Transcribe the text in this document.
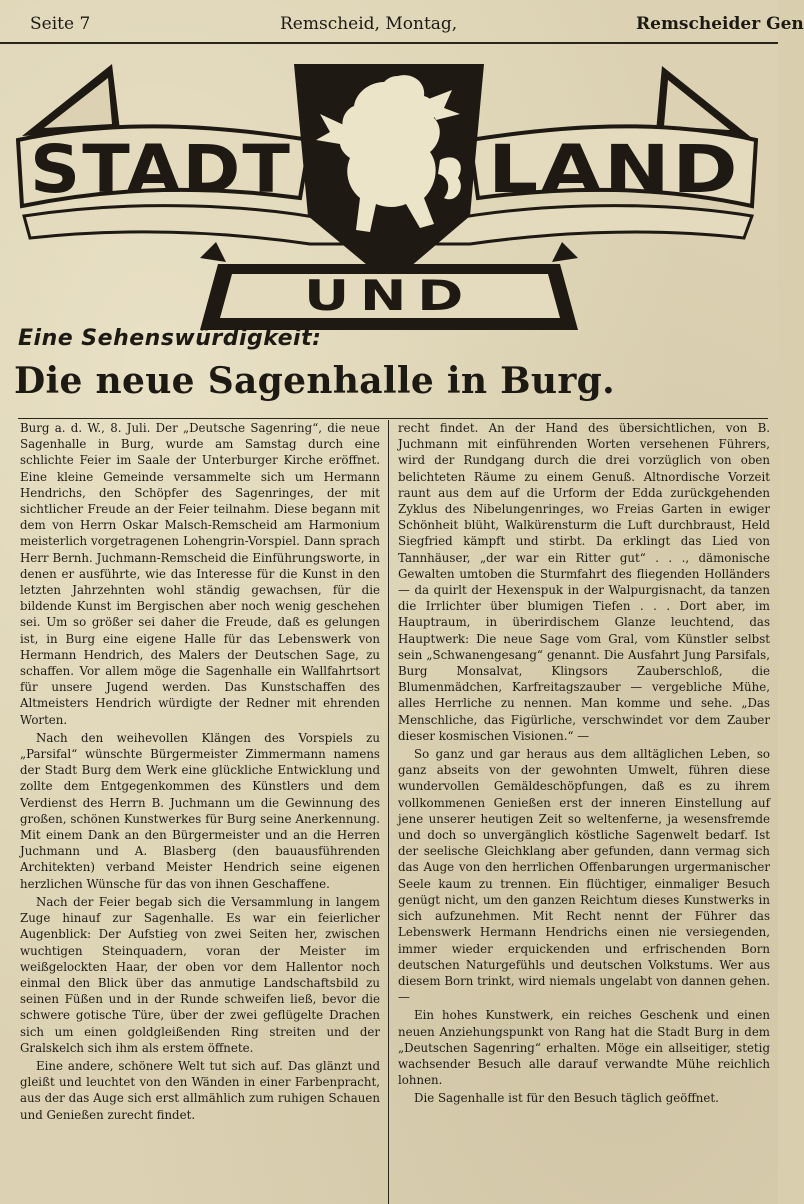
Seite 7	Remscheid, Montag,	Remscheider Gen
STADT	LAND
UND
Eine Sehenswürdigkeit:
Die neue Sagenhalle in Burg.

Burg a. d. W., 8. Juli. Der „Deutsche Sagenring“, die neue Sagenhalle in Burg, wurde am Samstag durch eine schlichte Feier im Saale der Unterburger Kirche eröffnet. Eine kleine Gemeinde versammelte sich um Hermann Hendrichs, den Schöpfer des Sagenringes, der mit sichtlicher Freude an der Feier teilnahm. Diese begann mit dem von Herrn Oskar Malsch-Remscheid am Harmonium meisterlich vorgetragenen Lohengrin-Vorspiel. Dann sprach Herr Bernh. Juchmann-Remscheid die Einführungsworte, in denen er ausführte, wie das Interesse für die Kunst in den letzten Jahrzehnten wohl ständig gewachsen, für die bildende Kunst im Bergischen aber noch wenig geschehen sei. Um so größer sei daher die Freude, daß es gelungen ist, in Burg eine eigene Halle für das Lebenswerk von Hermann Hendrich, des Malers der Deutschen Sage, zu schaffen. Vor allem möge die Sagenhalle ein Wallfahrtsort für unsere Jugend werden. Das Kunstschaffen des Altmeisters Hendrich würdigte der Redner mit ehrenden Worten.

Nach den weihevollen Klängen des Vorspiels zu „Parsifal“ wünschte Bürgermeister Zimmermann namens der Stadt Burg dem Werk eine glückliche Entwicklung und zollte dem Entgegenkommen des Künstlers und dem Verdienst des Herrn B. Juchmann um die Gewinnung des großen, schönen Kunstwerkes für Burg seine Anerkennung. Mit einem Dank an den Bürgermeister und an die Herren Juchmann und A. Blasberg (den bauausführenden Architekten) verband Meister Hendrich seine eigenen herzlichen Wünsche für das von ihnen Geschaffene.

Nach der Feier begab sich die Versammlung in langem Zuge hinauf zur Sagenhalle. Es war ein feierlicher Augenblick: Der Aufstieg von zwei Seiten her, zwischen wuchtigen Steinquadern, voran der Meister im weißgelockten Haar, der oben vor dem Hallentor noch einmal den Blick über das anmutige Landschaftsbild zu seinen Füßen und in der Runde schweifen ließ, bevor die schwere gotische Türe, über der zwei geflügelte Drachen sich um einen goldgleißenden Ring streiten und der Gralskelch sich ihm als erstem öffnete.

Eine andere, schönere Welt tut sich auf. Das glänzt und gleißt und leuchtet von den Wänden in einer Farbenpracht, aus der das Auge sich erst allmählich zum ruhigen Schauen und Genießen zurecht findet.

recht findet. An der Hand des übersichtlichen, von B. Juchmann mit einführenden Worten versehenen Führers, wird der Rundgang durch die drei vorzüglich von oben belichteten Räume zu einem Genuß. Altnordische Vorzeit raunt aus dem auf die Urform der Edda zurückgehenden Zyklus des Nibelungenringes, wo Freias Garten in ewiger Schönheit blüht, Walkürensturm die Luft durchbraust, Held Siegfried kämpft und stirbt. Da erklingt das Lied von Tannhäuser, „der war ein Ritter gut“ . . ., dämonische Gewalten umtoben die Sturmfahrt des fliegenden Holländers — da quirlt der Hexenspuk in der Walpurgisnacht, da tanzen die Irrlichter über blumigen Tiefen . . . Dort aber, im Hauptraum, in überirdischem Glanze leuchtend, das Hauptwerk: Die neue Sage vom Gral, vom Künstler selbst sein „Schwanengesang“ genannt. Die Ausfahrt Jung Parsifals, Burg Monsalvat, Klingsors Zauberschloß, die Blumenmädchen, Karfreitagszauber — vergebliche Mühe, alles Herrliche zu nennen. Man komme und sehe. „Das Menschliche, das Figürliche, verschwindet vor dem Zauber dieser kosmischen Visionen.“ —

So ganz und gar heraus aus dem alltäglichen Leben, so ganz abseits von der gewohnten Umwelt, führen diese wundervollen Gemäldeschöpfungen, daß es zu ihrem vollkommenen Genießen erst der inneren Einstellung auf jene unserer heutigen Zeit so weltenferne, ja wesensfremde und doch so unvergänglich köstliche Sagenwelt bedarf. Ist der seelische Gleichklang aber gefunden, dann vermag sich das Auge von den herrlichen Offenbarungen urgermanischer Seele kaum zu trennen. Ein flüchtiger, einmaliger Besuch genügt nicht, um den ganzen Reichtum dieses Kunstwerks in sich aufzunehmen. Mit Recht nennt der Führer das Lebenswerk Hermann Hendrichs einen nie versiegenden, immer wieder erquickenden und erfrischenden Born deutschen Naturgefühls und deutschen Volkstums. Wer aus diesem Born trinkt, wird niemals ungelabt von dannen gehen. —

Ein hohes Kunstwerk, ein reiches Geschenk und einen neuen Anziehungspunkt von Rang hat die Stadt Burg in dem „Deutschen Sagenring“ erhalten. Möge ein allseitiger, stetig wachsender Besuch alle darauf verwandte Mühe reichlich lohnen.

Die Sagenhalle ist für den Besuch täglich geöffnet.
